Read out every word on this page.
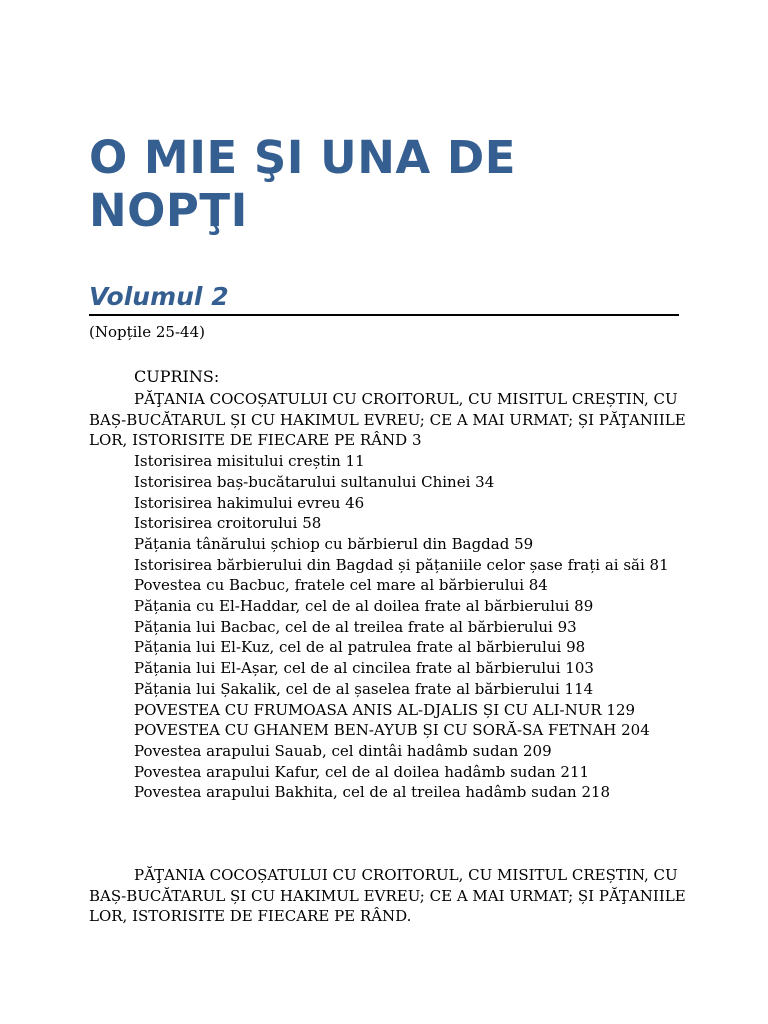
O MIE ŞI UNA DE
NOPŢI
Volumul 2
(Nopțile 25-44)
CUPRINS:

PĂŢANIA COCOȘATULUI CU CROITORUL, CU MISITUL CREȘTIN, CU BAȘ-BUCĂTARUL ȘI CU HAKIMUL EVREU; CE A MAI URMAT; ȘI PĂŢANIILE LOR, ISTORISITE DE FIECARE PE RÂND 3

Istorisirea misitului creștin 11
Istorisirea baș-bucătarului sultanului Chinei 34
Istorisirea hakimului evreu 46
Istorisirea croitorului 58
Pățania tânărului șchiop cu bărbierul din Bagdad 59
Istorisirea bărbierului din Bagdad și pățaniile celor șase frați ai săi 81
Povestea cu Bacbuc, fratele cel mare al bărbierului 84
Pățania cu El-Haddar, cel de al doilea frate al bărbierului 89
Pățania lui Bacbac, cel de al treilea frate al bărbierului 93
Pățania lui El-Kuz, cel de al patrulea frate al bărbierului 98
Pățania lui El-Așar, cel de al cincilea frate al bărbierului 103
Pățania lui Șakalik, cel de al șaselea frate al bărbierului 114
POVESTEA CU FRUMOASA ANIS AL-DJALIS ȘI CU ALI-NUR 129
POVESTEA CU GHANEM BEN-AYUB ȘI CU SORĂ-SA FETNAH 204
Povestea arapului Sauab, cel dintâi hadâmb sudan 209
Povestea arapului Kafur, cel de al doilea hadâmb sudan 211
Povestea arapului Bakhita, cel de al treilea hadâmb sudan 218
PĂŢANIA COCOȘATULUI CU CROITORUL, CU MISITUL CREȘTIN, CU BAȘ-BUCĂTARUL ȘI CU HAKIMUL EVREU; CE A MAI URMAT; ȘI PĂŢANIILE LOR, ISTORISITE DE FIECARE PE RÂND.
